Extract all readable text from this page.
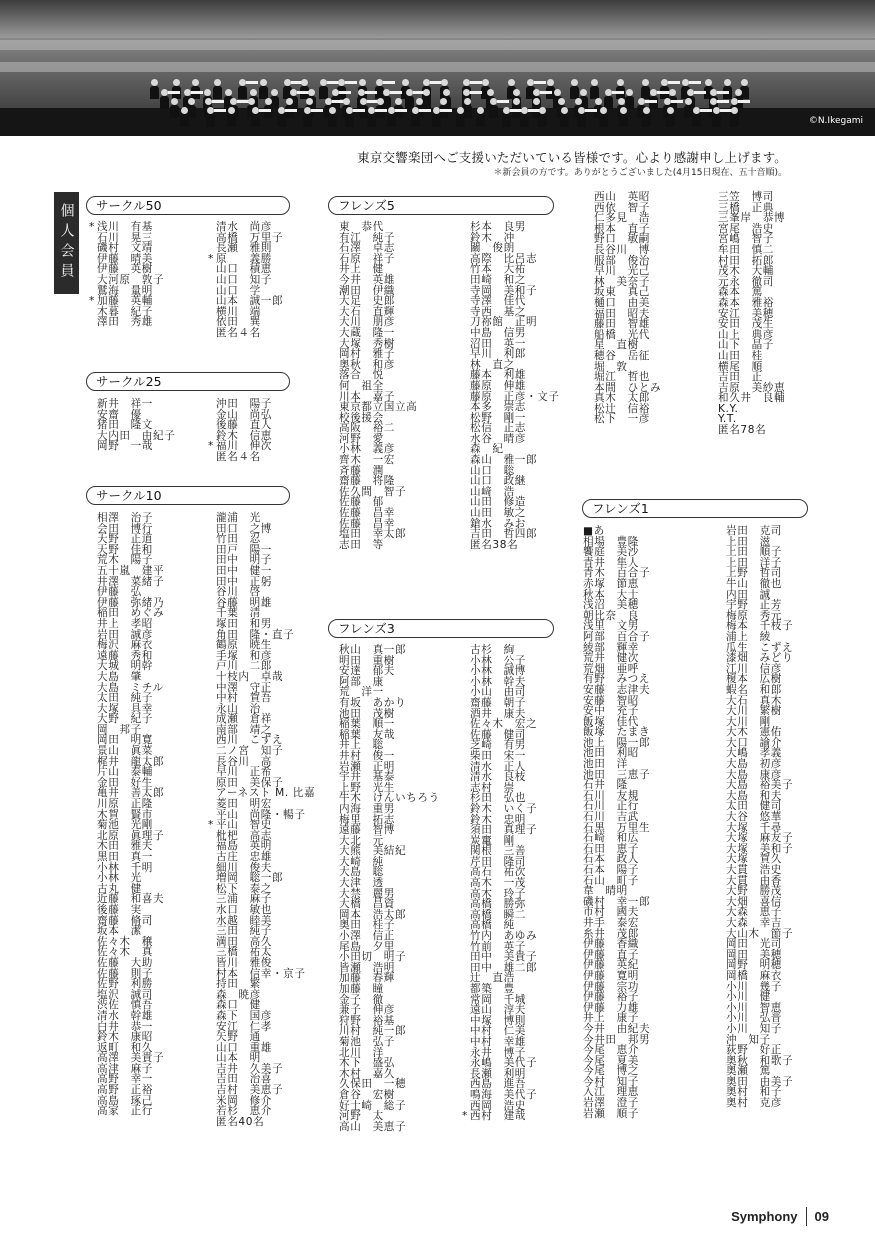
©N.Ikegami
東京交響楽団へご支援いただいている皆様です。心より感謝申し上げます。
＊新会員の方です。ありがとうございました(4月15日現在、五十音順)。
個人会員	サークル50
* 浅川　有基
石川　晃三
磯村　文靖
伊藤　晴美
伊藤　英樹
大河原　敦子
鷲海　量明
* 加藤　英輔
木暮　紀子
澤田　秀雄
清水　尚彦
高橋　万里子
長瀬　雅則
* 原　　義勝
山口　積恵
山口　知子
山口　学
山本　誠一郎
横川　端
依田　巽
匿名４名
サークル25
新井　祥一
安齋　優
猪田　隆文
大内田　由紀子
岡野　一哉
沖田　陽子
金山　尚弘
後藤　直人
鈴木　信恵
* 福川　伸次
匿名４名
サークル10
相澤　治子
会田　博行
天野　正道
天野　佳和
荒木　陽子
五十嵐　建平
井澤　菜緒子
伊藤　弘
伊藤　弥緒乃
稲田　めぐみ
井上　孝昭
岩田　誠彦
梅沢　麻衣
遠藤　秀和
大城　明幹
大島　肇
大島　ミチル
太田　純子
大塚　具幸
大野　紀子
岡　邦子
岡田　明寛
景山　眞菜
梶井　龍太郎
片山　泰輔
金田　好生
亀井　善太郎
川原　正隆
木賀　賢市
菊池　光剛
北原　眞理子
木田　雅夫
黒田　真一
小林　千明
小林　光
古丸　健
近藤　和喜夫
後藤　実
齋藤　脩司
坂本　潔
佐々木　穣
佐々木　真
佐藤　大助
佐藤　則子
佐野　利勝
塩沢　誠司
渋佐　慎吾
清水　幹雄
白井　恭一
鈴木　康昭
返町　和久
高澤　美貴子
高津　麻子
高野　幸一
高野　正裕
高島　琢己
高家　正行
瀧浦　光
田口　之博
竹田　忍
田戸　陽一
田中　明子
田中　健一
田中　正躬
谷川　啓
谷藤　明雄
千葉　清
塚田　和男
角田　隆・直子
鶴原　暁生
手塚　和彦
戸川　二郎
十枝内　卓哉
中澤　守正
中村　賀吾
永山　治
成瀬　倉祥
南部　靖之
西川　こずえ
二ノ宮　知子
長谷川　高
早川　正希
原田　美保子
アーネスト M. 比嘉
菱田　明宏
平山　尚隆・暢子
* 平山　智史
枇杷　高志
福島　英明
古庄　忠雄
細川　俊夫
増岡　聡一郎
松下　泰之
三浦　麻子
水口　敏也
水越　睦美
三田　純子
満田　高久
三橋　祐太
皆川　雅俊
村本　信幸・京子
持田　繁
森　暁彦
森口　健
森下　国彦
安江　仁孝
矢野　通
山口　重雄
山本　明
吉井　久美子
吉田　治喜
吉村　美恵子
米岡　修介
若杉　恵介
匿名40名
フレンズ5
東　恭代
有江　純子
石澤　卓志
石原　祥子
井上　健
今井　英雄
潮田　伊織
大足　史郎
大石　直輝
大川　朋彦
大蔵　隆一
大塚　秀樹
岡村　雅子
奥秋　和彦
落合　悦
何　祖全
川本　嘉子
東京都立国立高
校後援会
高阪　裕二
河野　愛
小林　義彦
齊木　一宏
斉藤　潤
齋藤　将隆
佐久間　智子
佐藤　郁
佐藤　昌幸
佐藤　昌幸
塩田　幸太郎
志田　等
杉本　良男
鈴木　冲
關　俊朗
高際　比呂志
竹本　大祐
田崎　和之
寺岡　美和子
寺澤　佳代
寺西　基之
刀祢館　正明
中島　信男
沼田　英一
早川　利郎
林　直之
藤本　利雄
藤原　伸雄
藤原　正彦・文子
本多　崇志
松野　剛一
松信　正志
水谷　晴彦
森　紀
森山　雅一郎
山口　聡
山口　政継
山﨑　浩
山田　修造
山田　敏之
鎗水　みお
吉田　哲四郎
匿名38名
フレンズ3
秋山　真一郎
明田　重樹
安達　郁夫
阿部　康
荒　洋一
有坂　あかり
池田　茂樹
稲葉　順一
稲葉　友哉
井上　聡
井村　俊一
岩瀬　正明
宇井　基泰
上野　光生
牛木　けんいちろう
内海　重男
梅里　拓志
遠藤　智博
大北　元
大熊　美結紀
大崎　純
大島　聡
大津　透
大禁　麗男
大橋　昌資
岡本　浩太郎
奥田　桂子
小澤　信正
尾島　夕里
小田切　明子
皆瀬　浩明
加藤　春輝
加藤　瞳
金子　徹
兼子　伸彦
狩野　裕基
川村　純一郎
菊池　弘子
北川　洋
木下　盛弘
木村　嘉久
久保田　一穂
倉谷　宏樹
好士崎　総子
河野　太
高山　美恵子
古杉　絢
小林　公子
小林　誠博
小林　幹夫
小山　由司
齋藤　朝子
酒井　康夫
佐々木　宏之
佐藤　健司
芝崎　有男
柴田　宋一
清水　正人
清水　良枝
志村　崇
杉田　弘也
鈴木　いく子
鈴木　忠明
須田　真理子
炭竃　剛
関根　三善
芹田　隆司
高石　祐次
高木　一茂
高木　玲子
高橋　勝弥
高橋　瞬二
高橋　純
竹内　あゆみ
竹前　英子
田中　美貴子
田中　雄二郎
辻　直浩
都築　豊
常岡　千城
遠山　淳夫
中塚　博則
中村　仁美
中村　幸雄
永井　博子
永嶋　美代子
長瀬　利明
西島　進吾
鳴海　美代子
西岡　浩史
* 西村　建哉
西山　英昭
西依　智子
仁多見　浩
根本　直子
野口　敏嗣
長谷川　博
服部　俊治
早川　光己
林　美奈子
坂東　真己
樋口　由美
福田　昭夫
藤田　智雄
船橋　光代
星　直樹
穂谷　岳征
堀　敦
堀江　哲也
本間　ひとみ
真木　太郎
松辻　信裕
松下　一彦
三笠　博司
三橋　正典
三峯岸　恭博
宮尾　浩史
宮嶋　智子
牟田　慎二
村田　拓郎
茂木　大輔
元永　徹司
森本　篤
森本　雅裕
安江　美穂
安田　茂生
山上　典彦
山下　晶子
山田　桂
横尾　順
吉田　正
吉原　美紗恵
和久井　良輔
K.Y.
Y.T.
匿名78名
フレンズ1
■あ
相場　豊隆
饗庭　美沙
青井　隼人
青木　百合子
赤塚　節恵
秋本　大士
浅沼　美穂
朝比奈　良
浅里　文男
阿部　百合子
綾部　輝幸
荒井　健次
荒畑　亜呼
有野　みつえ
安藤　志津夫
安藤　智昭
安中　充子
飯塚　佳代
飯塚　たまき
池上　陽一郎
池田　利昭
池田　洋
池田　三恵子
石井　隆
石川　友規
石川　正行
石川　吉武
石黒　万里生
石崎　和広
石田　恵子
石本　政人
石本　陽子
石山　町子
韋　晴明
磯村　幸一郎
市村　國夫
井手　泰宏
糸井　茂郎
伊藤　香織
伊藤　直子
伊藤　英紀
伊藤　寛明
伊藤　宗功
伊藤　裕子
伊藤　力雄
井上　康子
今井　由紀夫
今井田　邦男
今尾　恵介
今尾　夏美
今尾　博之
今村　知子
入江　理恵
岩澤　澄子
岩瀬　順子
岩田　克司
上田　滋
上田　順子
上田　洋子
上野　哲司
牛山　徹也
内田　誠
宇野　正芳
梅原　秀元
梅本　千枝子
浦上　綾
瓜生　こずえ
漆畑　みどり
江川　信彦
榎本　広樹
蝦名　和郎
大石　真木
大川　繁樹
大川　剛
大木　憲佑
大口　諭介
大嶋　孝義
大島　初彦
大島　康彦
大島　裕美子
大島　和夫
太田　健司
大谷　悠華
大塚　千尋
大塚　麻友子
大塚　美和子
大塚　賀久
大貫　浩史
大貫　由香
大野　勝茂
大畑　喜信
大森　恵子
大森　幸吉
大山木　節子
岡田　光司
岡田　美穂
岡野　明穂
岡橋　麻衣
小川　幾子
小川　健
小川　智恵
小川　弘晋
小川　知子
沖　知子
荻野　好正
奥秋　和歌子
奥瀬　篤
奥田　由美子
奥村　和子
奥村　克彦
Symphony 09
